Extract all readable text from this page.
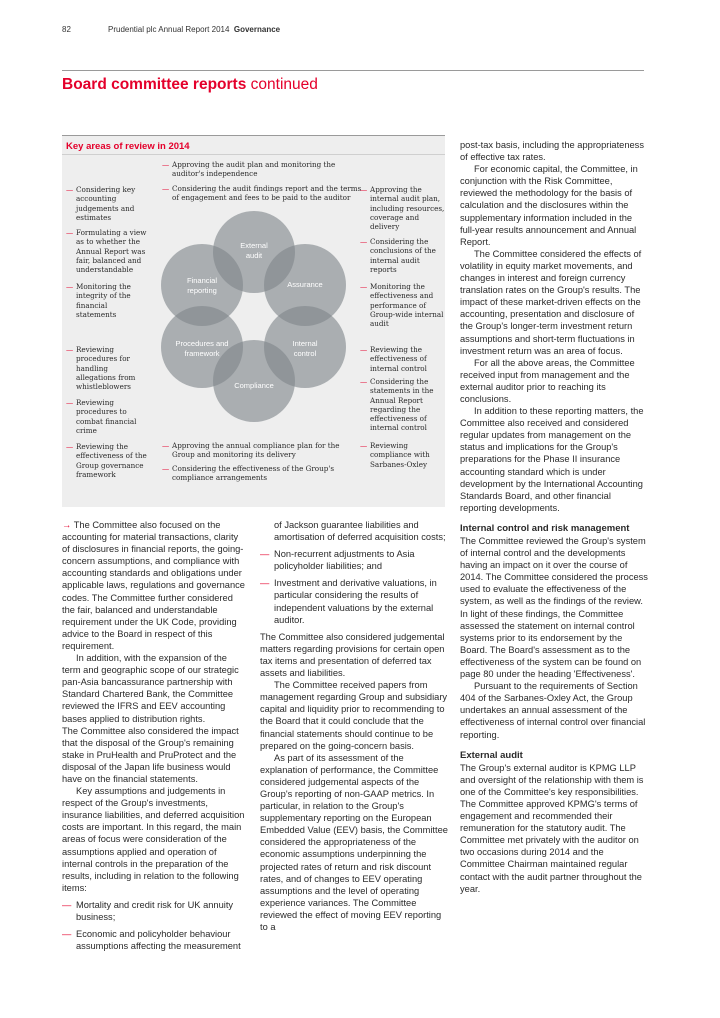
82	Prudential plc Annual Report 2014 Governance
Board committee reports continued
Key areas of review in 2014
— Approving the audit plan and monitoring the auditor's independence
— Considering the audit findings report and the terms of engagement and fees to be paid to the auditor
— Considering key accounting judgements and estimates
— Formulating a view as to whether the Annual Report was fair, balanced and understandable
— Monitoring the integrity of the financial statements
— Reviewing procedures for handling allegations from whistleblowers
— Reviewing procedures to combat financial crime
— Reviewing the effectiveness of the Group governance framework
— Approving the internal audit plan, including resources, coverage and delivery
— Considering the conclusions of the internal audit reports
— Monitoring the effectiveness and performance of Group-wide internal audit
— Reviewing the effectiveness of internal control
— Considering the statements in the Annual Report regarding the effectiveness of internal control
— Reviewing compliance with Sarbanes-Oxley
— Approving the annual compliance plan for the Group and monitoring its delivery
— Considering the effectiveness of the Group's compliance arrangements
External
audit
Assurance
Internal
control
Compliance
Procedures and
framework
Financial
reporting

→ The Committee also focused on the accounting for material transactions, clarity of disclosures in financial reports, the going-concern assumptions, and compliance with accounting standards and obligations under applicable laws, regulations and governance codes. The Committee further considered the fair, balanced and understandable requirement under the UK Code, providing advice to the Board in respect of this requirement.

In addition, with the expansion of the term and geographic scope of our strategic pan-Asia bancassurance partnership with Standard Chartered Bank, the Committee reviewed the IFRS and EEV accounting bases applied to distribution rights.

The Committee also considered the impact that the disposal of the Group's remaining stake in PruHealth and PruProtect and the disposal of the Japan life business would have on the financial statements.

Key assumptions and judgements in respect of the Group's investments, insurance liabilities, and deferred acquisition costs are important. In this regard, the main areas of focus were consideration of the assumptions applied and operation of internal controls in the preparation of the results, including in relation to the following items:

— Mortality and credit risk for UK annuity business;
— Economic and policyholder behaviour assumptions affecting the measurement

of Jackson guarantee liabilities and amortisation of deferred acquisition costs;

— Non-recurrent adjustments to Asia policyholder liabilities; and
— Investment and derivative valuations, in particular considering the results of independent valuations by the external auditor.

The Committee also considered judgemental matters regarding provisions for certain open tax items and presentation of deferred tax assets and liabilities.

The Committee received papers from management regarding Group and subsidiary capital and liquidity prior to recommending to the Board that it could conclude that the financial statements should continue to be prepared on the going-concern basis.

As part of its assessment of the explanation of performance, the Committee considered judgemental aspects of the Group's reporting of non-GAAP metrics. In particular, in relation to the Group's supplementary reporting on the European Embedded Value (EEV) basis, the Committee considered the appropriateness of the economic assumptions underpinning the projected rates of return and risk discount rates, and of changes to EEV operating assumptions and the level of operating experience variances. The Committee reviewed the effect of moving EEV reporting to a

post-tax basis, including the appropriateness of effective tax rates.

For economic capital, the Committee, in conjunction with the Risk Committee, reviewed the methodology for the basis of calculation and the disclosures within the supplementary information included in the full-year results announcement and Annual Report.

The Committee considered the effects of volatility in equity market movements, and changes in interest and foreign currency translation rates on the Group's results. The impact of these market-driven effects on the accounting, presentation and disclosure of the Group's longer-term investment return assumptions and short-term fluctuations in investment return was an area of focus.

For all the above areas, the Committee received input from management and the external auditor prior to reaching its conclusions.

In addition to these reporting matters, the Committee also received and considered regular updates from management on the status and implications for the Group's preparations for the Phase II insurance accounting standard which is under development by the International Accounting Standards Board, and other financial reporting developments.

Internal control and risk management

The Committee reviewed the Group's system of internal control and the developments having an impact on it over the course of 2014. The Committee considered the process used to evaluate the effectiveness of the system, as well as the findings of the review. In light of these findings, the Committee assessed the statement on internal control systems prior to its endorsement by the Board. The Board's assessment as to the effectiveness of the system can be found on page 80 under the heading 'Effectiveness'.

Pursuant to the requirements of Section 404 of the Sarbanes-Oxley Act, the Group undertakes an annual assessment of the effectiveness of internal control over financial reporting.

External audit

The Group's external auditor is KPMG LLP and oversight of the relationship with them is one of the Committee's key responsibilities. The Committee approved KPMG's terms of engagement and recommended their remuneration for the statutory audit. The Committee met privately with the auditor on two occasions during 2014 and the Committee Chairman maintained regular contact with the audit partner throughout the year.
